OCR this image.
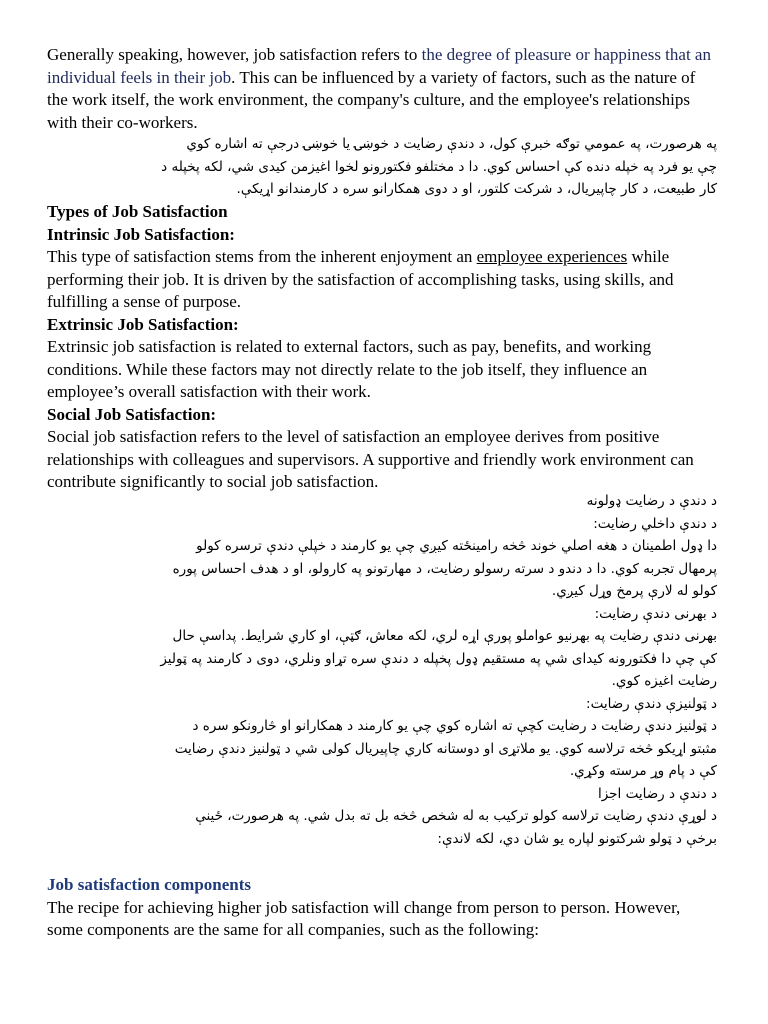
Generally speaking, however, job satisfaction refers to the degree of pleasure or happiness that an individual feels in their job. This can be influenced by a variety of factors, such as the nature of the work itself, the work environment, the company's culture, and the employee's relationships with their co-workers.

په هرصورت، په عمومي توګه خبرې کول، د دندې رضایت د خوښۍ یا خوښۍ درجې ته اشاره کوي
چې یو فرد په خپله دنده کې احساس کوي. دا د مختلفو فکتورونو لخوا اغیزمن کیدی شي، لکه پخپله د
کار طبیعت، د کار چاپیریال، د شرکت کلتور، او د دوی همکارانو سره د کارمندانو اړیکې.
Types of Job Satisfaction
Intrinsic Job Satisfaction:

This type of satisfaction stems from the inherent enjoyment an employee experiences while performing their job. It is driven by the satisfaction of accomplishing tasks, using skills, and fulfilling a sense of purpose.

Extrinsic Job Satisfaction:

Extrinsic job satisfaction is related to external factors, such as pay, benefits, and working conditions. While these factors may not directly relate to the job itself, they influence an employee’s overall satisfaction with their work.

Social Job Satisfaction:

Social job satisfaction refers to the level of satisfaction an employee derives from positive relationships with colleagues and supervisors. A supportive and friendly work environment can contribute significantly to social job satisfaction.

د دندې د رضایت ډولونه
د دندې داخلي رضایت:
دا ډول اطمینان د هغه اصلي خوند څخه رامینځته کیږي چې یو کارمند د خپلې دندې ترسره کولو
پرمهال تجربه کوي. دا د دندو د سرته رسولو رضایت، د مهارتونو په کارولو، او د هدف احساس پوره
کولو له لارې پرمخ وړل کیږي.
د بهرنی دندې رضایت:
بهرنی دندې رضایت په بهرنیو عواملو پورې اړه لري، لکه معاش، ګټې، او کاري شرایط. پداسې حال
کې چې دا فکتورونه کیدای شي په مستقیم ډول پخپله د دندې سره تړاو ونلري، دوی د کارمند په ټولیز
رضایت اغیزه کوي.
د ټولنیزې دندې رضایت:
د ټولنیز دندې رضایت د رضایت کچې ته اشاره کوي چې یو کارمند د همکارانو او څارونکو سره د
مثبتو اړیکو څخه ترلاسه کوي. یو ملاتړی او دوستانه کاري چاپیریال کولی شي د ټولنیز دندې رضایت
کې د پام وړ مرسته وکړي.
د دندې د رضایت اجزا
د لوړې دندې رضایت ترلاسه کولو ترکیب به له شخص څخه بل ته بدل شي. په هرصورت، ځینې
برخې د ټولو شرکتونو لپاره یو شان دي، لکه لاندې:
Job satisfaction components

The recipe for achieving higher job satisfaction will change from person to person. However, some components are the same for all companies, such as the following:
